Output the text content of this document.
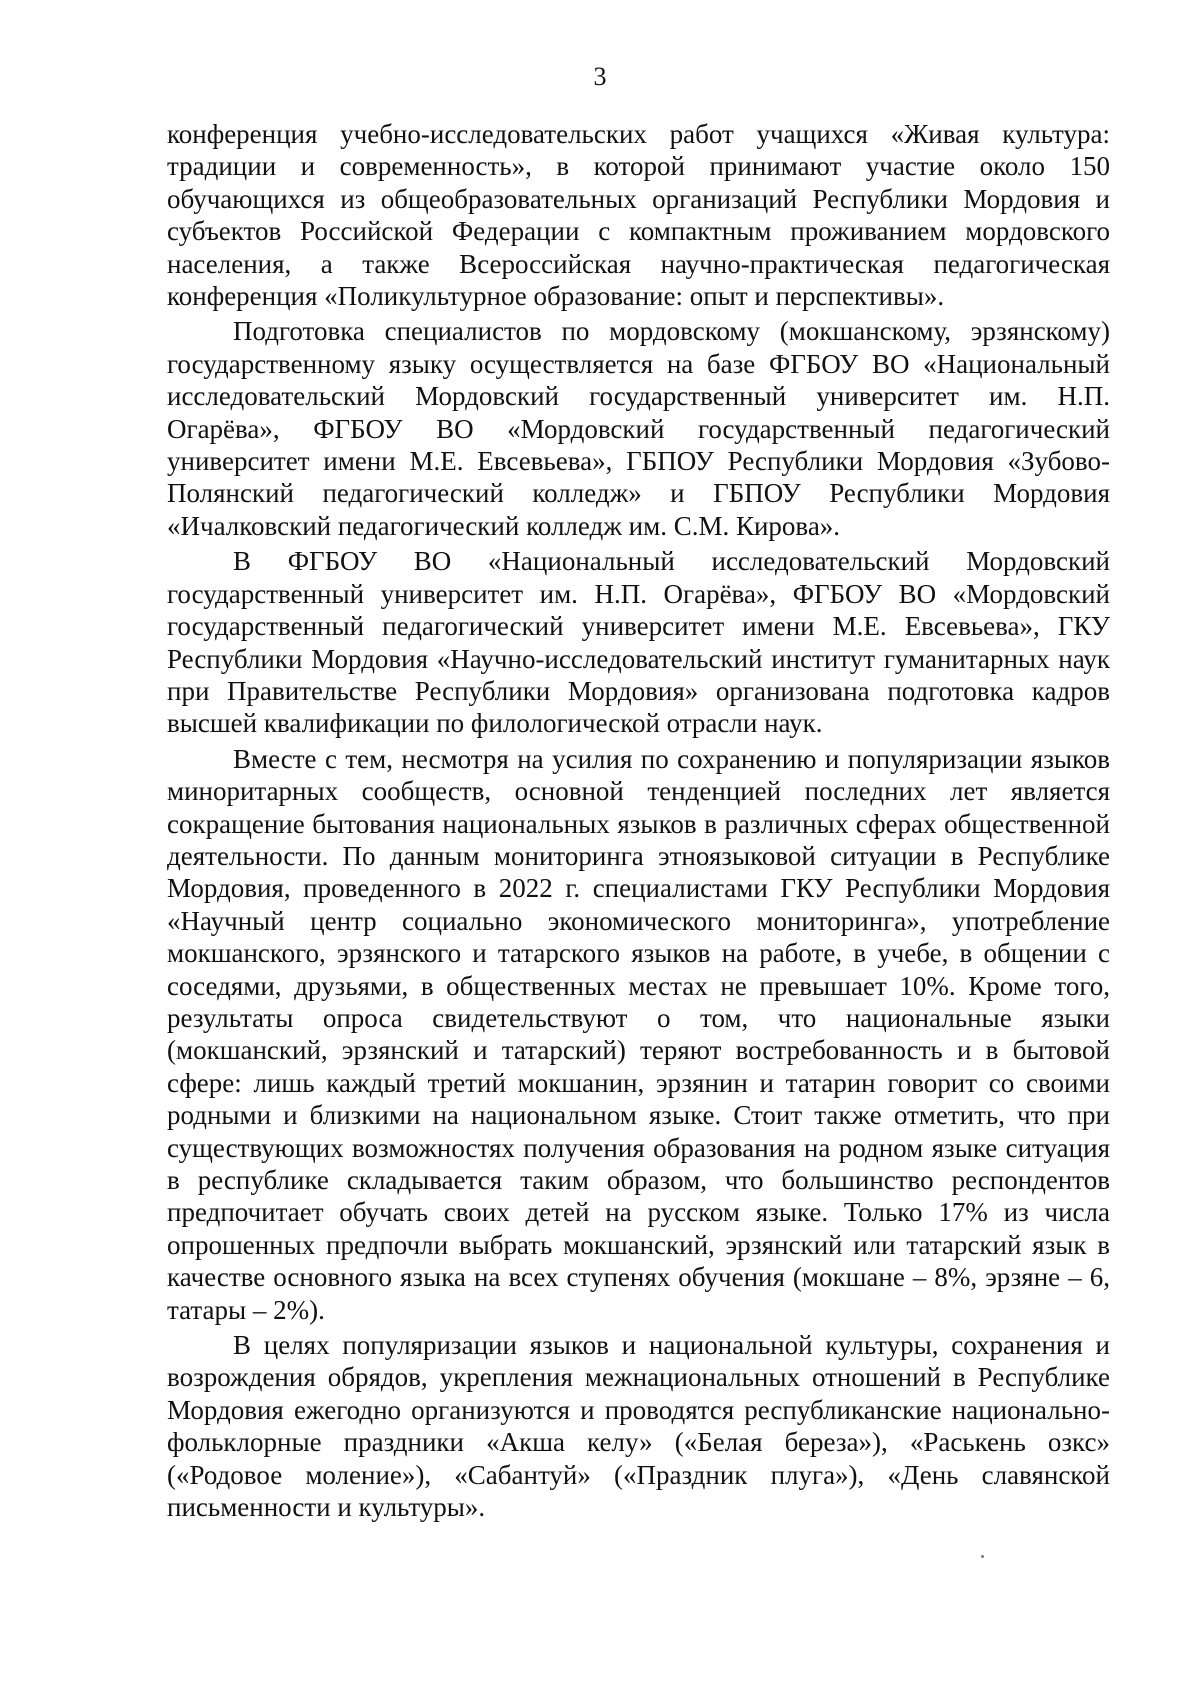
3

конференция учебно-исследовательских работ учащихся «Живая культура: традиции и современность», в которой принимают участие около 150 обучающихся из общеобразовательных организаций Республики Мордовия и субъектов Российской Федерации с компактным проживанием мордовского населения, а также Всероссийская научно-практическая педагогическая конференция «Поликультурное образование: опыт и перспективы».

Подготовка специалистов по мордовскому (мокшанскому, эрзянскому) государственному языку осуществляется на базе ФГБОУ ВО «Национальный исследовательский Мордовский государственный университет им. Н.П. Огарёва», ФГБОУ ВО «Мордовский государственный педагогический университет имени М.Е. Евсевьева», ГБПОУ Республики Мордовия «Зубово-Полянский педагогический колледж» и ГБПОУ Республики Мордовия «Ичалковский педагогический колледж им. С.М. Кирова».

В ФГБОУ ВО «Национальный исследовательский Мордовский государственный университет им. Н.П. Огарёва», ФГБОУ ВО «Мордовский государственный педагогический университет имени М.Е. Евсевьева», ГКУ Республики Мордовия «Научно-исследовательский институт гуманитарных наук при Правительстве Республики Мордовия» организована подготовка кадров высшей квалификации по филологической отрасли наук.

Вместе с тем, несмотря на усилия по сохранению и популяризации языков миноритарных сообществ, основной тенденцией последних лет является сокращение бытования национальных языков в различных сферах общественной деятельности. По данным мониторинга этноязыковой ситуации в Республике Мордовия, проведенного в 2022 г. специалистами ГКУ Республики Мордовия «Научный центр социально экономического мониторинга», употребление мокшанского, эрзянского и татарского языков на работе, в учебе, в общении с соседями, друзьями, в общественных местах не превышает 10%. Кроме того, результаты опроса свидетельствуют о том, что национальные языки (мокшанский, эрзянский и татарский) теряют востребованность и в бытовой сфере: лишь каждый третий мокшанин, эрзянин и татарин говорит со своими родными и близкими на национальном языке. Стоит также отметить, что при существующих возможностях получения образования на родном языке ситуация в республике складывается таким образом, что большинство респондентов предпочитает обучать своих детей на русском языке. Только 17% из числа опрошенных предпочли выбрать мокшанский, эрзянский или татарский язык в качестве основного языка на всех ступенях обучения (мокшане – 8%, эрзяне – 6, татары – 2%).

В целях популяризации языков и национальной культуры, сохранения и возрождения обрядов, укрепления межнациональных отношений в Республике Мордовия ежегодно организуются и проводятся республиканские национально-фольклорные праздники «Акша келу» («Белая береза»), «Раськень озкс» («Родовое моление»), «Сабантуй» («Праздник плуга»), «День славянской письменности и культуры».
